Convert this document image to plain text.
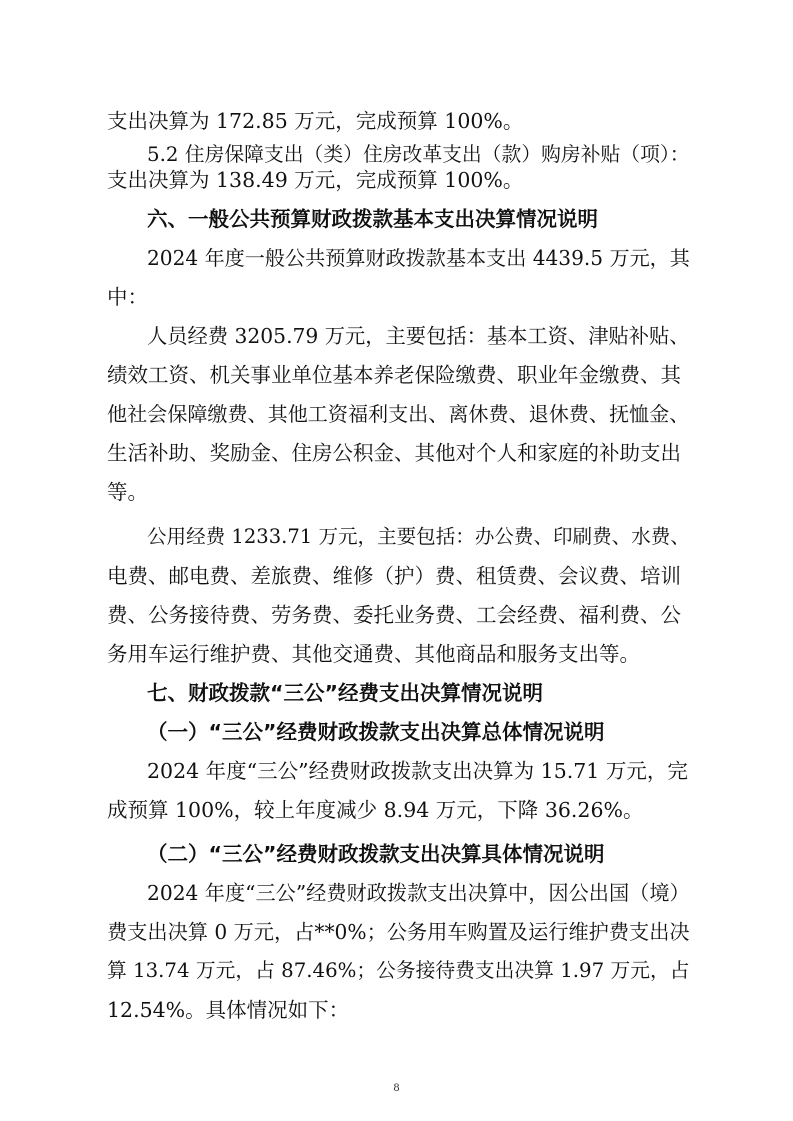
支出决算为 172.85 万元，完成预算 100%。
5.2 住房保障支出（类）住房改革支出（款）购房补贴（项）：
支出决算为 138.49 万元，完成预算 100%。
六、一般公共预算财政拨款基本支出决算情况说明
2024 年度一般公共预算财政拨款基本支出 4439.5 万元，其
中：
人员经费 3205.79 万元，主要包括：基本工资、津贴补贴、
绩效工资、机关事业单位基本养老保险缴费、职业年金缴费、其
他社会保障缴费、其他工资福利支出、离休费、退休费、抚恤金、
生活补助、奖励金、住房公积金、其他对个人和家庭的补助支出
等。
公用经费 1233.71 万元，主要包括：办公费、印刷费、水费、
电费、邮电费、差旅费、维修（护）费、租赁费、会议费、培训
费、公务接待费、劳务费、委托业务费、工会经费、福利费、公
务用车运行维护费、其他交通费、其他商品和服务支出等。
七、财政拨款“三公”经费支出决算情况说明
（一）“三公”经费财政拨款支出决算总体情况说明
2024 年度“三公”经费财政拨款支出决算为 15.71 万元，完
成预算 100%，较上年度减少 8.94 万元，下降 36.26%。
（二）“三公”经费财政拨款支出决算具体情况说明
2024 年度“三公”经费财政拨款支出决算中，因公出国（境）
费支出决算 0 万元，占**0%；公务用车购置及运行维护费支出决
算 13.74 万元，占 87.46%；公务接待费支出决算 1.97 万元，占
12.54%。具体情况如下：
8
